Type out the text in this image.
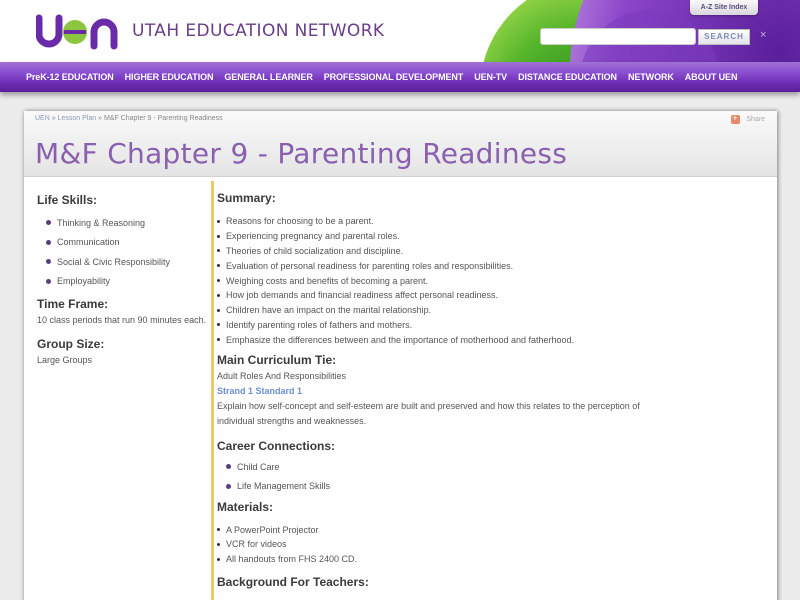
UTAH EDUCATION NETWORK
A-Z Site Index
SEARCH	×
PreK-12 EDUCATION HIGHER EDUCATION GENERAL LEARNER PROFESSIONAL DEVELOPMENT UEN-TV DISTANCE EDUCATION NETWORK ABOUT UEN
UEN » Lesson Plan » M&F Chapter 9 - Parenting Readiness +	Share
M&F Chapter 9 - Parenting Readiness
Life Skills:
Thinking & Reasoning
Communication
Social & Civic Responsibility
Employability
Time Frame:
10 class periods that run 90 minutes each.
Group Size:
Large Groups
Summary:
Reasons for choosing to be a parent.
Experiencing pregnancy and parental roles.
Theories of child socialization and discipline.
Evaluation of personal readiness for parenting roles and responsibilities.
Weighing costs and benefits of becoming a parent.
How job demands and financial readiness affect personal readiness.
Children have an impact on the marital relationship.
Identify parenting roles of fathers and mothers.
Emphasize the differences between and the importance of motherhood and fatherhood.
Main Curriculum Tie:
Adult Roles And Responsibilities
Strand 1 Standard 1
Explain how self-concept and self-esteem are built and preserved and how this relates to the perception of individual strengths and weaknesses.
Career Connections:
Child Care
Life Management Skills
Materials:
A PowerPoint Projector
VCR for videos
All handouts from FHS 2400 CD.
Background For Teachers:
